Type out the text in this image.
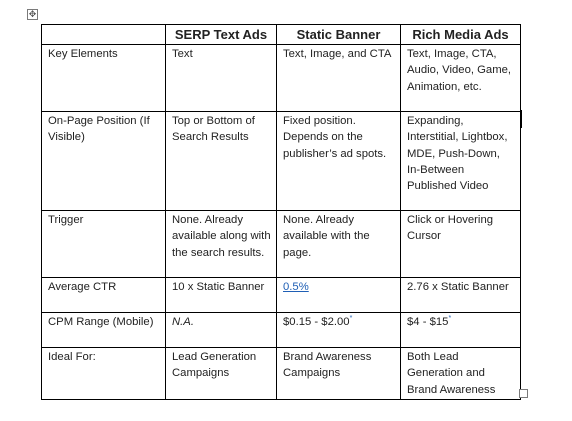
✥
	SERP Text Ads	Static Banner	Rich Media Ads
Key Elements	Text	Text, Image, and CTA	Text, Image, CTA, Audio, Video, Game, Animation, etc.
On-Page Position (If Visible)	Top or Bottom of Search Results	Fixed position. Depends on the publisher’s ad spots.	Expanding, Interstitial, Lightbox, MDE, Push-Down, In-Between Published Video
Trigger	None. Already available along with the search results.	None. Already available with the page.	Click or Hovering Cursor
Average CTR	10 x Static Banner	0.5%	2.76 x Static Banner
CPM Range (Mobile)	N.A.	$0.15 - $2.00*	$4 - $15*
Ideal For:	Lead Generation Campaigns	Brand Awareness Campaigns	Both Lead Generation and Brand Awareness
